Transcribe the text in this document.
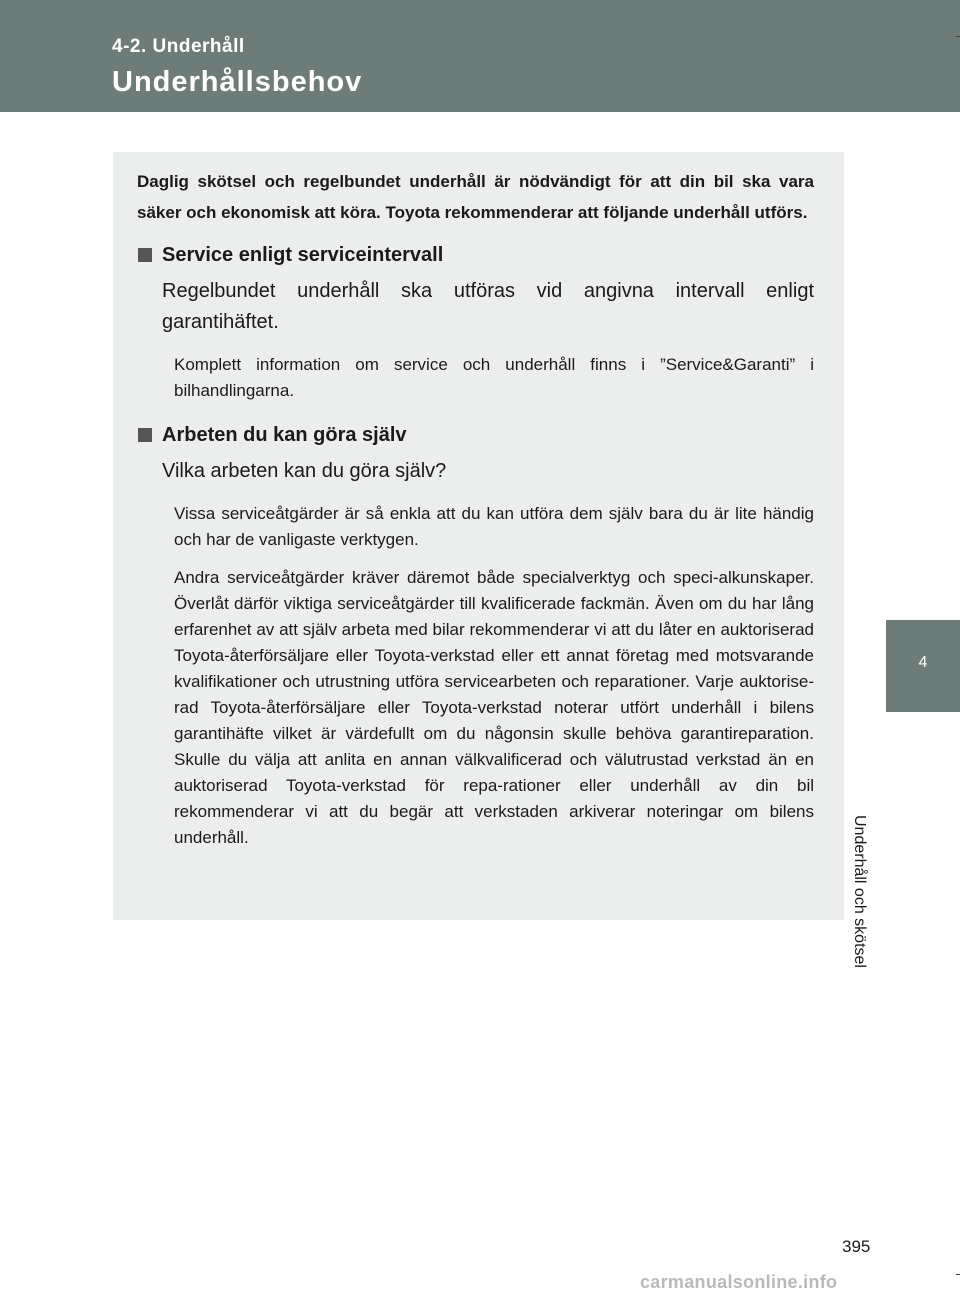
4-2. Underhåll
Underhållsbehov
4
Underhåll och skötsel

Daglig skötsel och regelbundet underhåll är nödvändigt för att din bil ska vara säker och ekonomisk att köra. Toyota rekommenderar att följande underhåll utförs.

Service enligt serviceintervall

Regelbundet underhåll ska utföras vid angivna intervall enligt garantihäftet.

Komplett information om service och underhåll finns i ”Service&Garanti” i bilhandlingarna.

Arbeten du kan göra själv

Vilka arbeten kan du göra själv?

Vissa serviceåtgärder är så enkla att du kan utföra dem själv bara du är lite händig och har de vanligaste verktygen.

Andra serviceåtgärder kräver däremot både specialverktyg och speci-alkunskaper. Överlåt därför viktiga serviceåtgärder till kvalificerade fackmän. Även om du har lång erfarenhet av att själv arbeta med bilar rekommenderar vi att du låter en auktoriserad Toyota-återförsäljare eller Toyota-verkstad eller ett annat företag med motsvarande kvalifikationer och utrustning utföra servicearbeten och reparationer. Varje auktorise-rad Toyota-återförsäljare eller Toyota-verkstad noterar utfört underhåll i bilens garantihäfte vilket är värdefullt om du någonsin skulle behöva garantireparation. Skulle du välja att anlita en annan välkvalificerad och välutrustad verkstad än en auktoriserad Toyota-verkstad för repa-rationer eller underhåll av din bil rekommenderar vi att du begär att verkstaden arkiverar noteringar om bilens underhåll.

395
carmanualsonline.info
